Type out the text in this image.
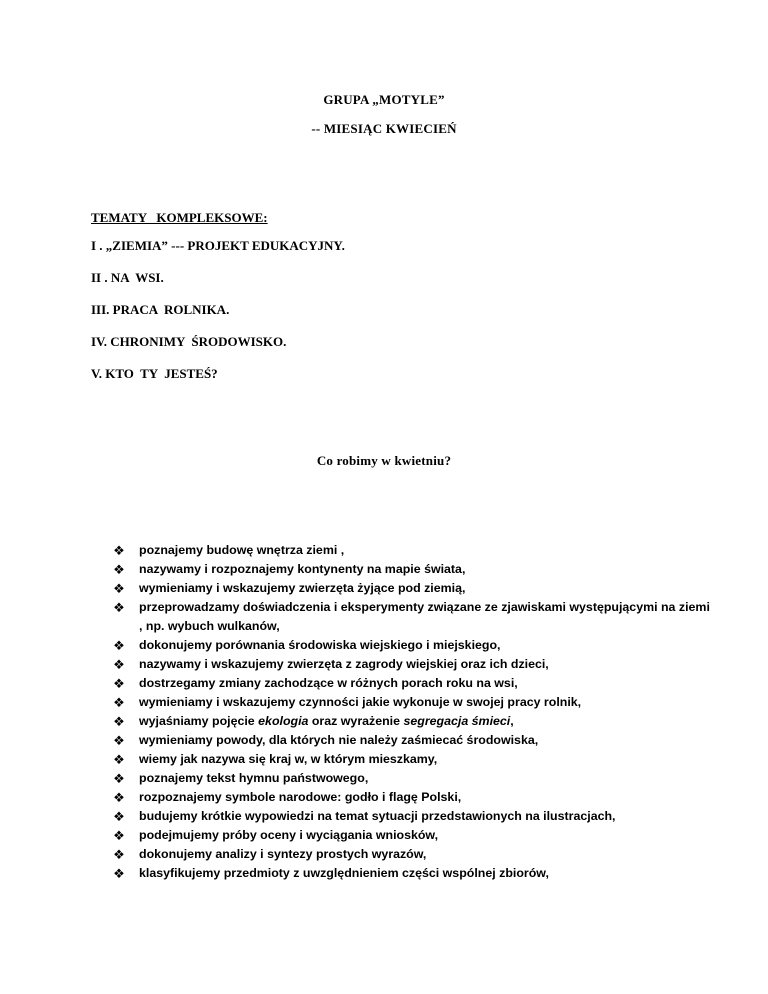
GRUPA „MOTYLE”
-- MIESIĄC KWIECIEŃ
TEMATY   KOMPLEKSOWE:
I . „ZIEMIA” --- PROJEKT EDUKACYJNY.
II . NA  WSI.
III. PRACA  ROLNIKA.
IV. CHRONIMY  ŚRODOWISKO.
V. KTO  TY  JESTEŚ?
Co robimy w kwietniu?
❖ poznajemy budowę wnętrza ziemi ,
❖ nazywamy i rozpoznajemy kontynenty na mapie świata,
❖ wymieniamy i wskazujemy zwierzęta żyjące pod ziemią,
❖ przeprowadzamy doświadczenia i eksperymenty związane ze zjawiskami występującymi na ziemi , np. wybuch wulkanów,
❖ dokonujemy porównania środowiska wiejskiego i miejskiego,
❖ nazywamy i wskazujemy zwierzęta z zagrody wiejskiej oraz ich dzieci,
❖ dostrzegamy zmiany zachodzące w różnych porach roku na wsi,
❖ wymieniamy i wskazujemy czynności jakie wykonuje w swojej pracy rolnik,
❖ wyjaśniamy pojęcie ekologia oraz wyrażenie segregacja śmieci,
❖ wymieniamy powody, dla których nie należy zaśmiecać środowiska,
❖ wiemy jak nazywa się kraj w, w którym mieszkamy,
❖ poznajemy tekst hymnu państwowego,
❖ rozpoznajemy symbole narodowe: godło i flagę Polski,
❖ budujemy krótkie wypowiedzi na temat sytuacji przedstawionych na ilustracjach,
❖ podejmujemy próby oceny i wyciągania wniosków,
❖ dokonujemy analizy i syntezy prostych wyrazów,
❖ klasyfikujemy przedmioty z uwzględnieniem części wspólnej zbiorów,
